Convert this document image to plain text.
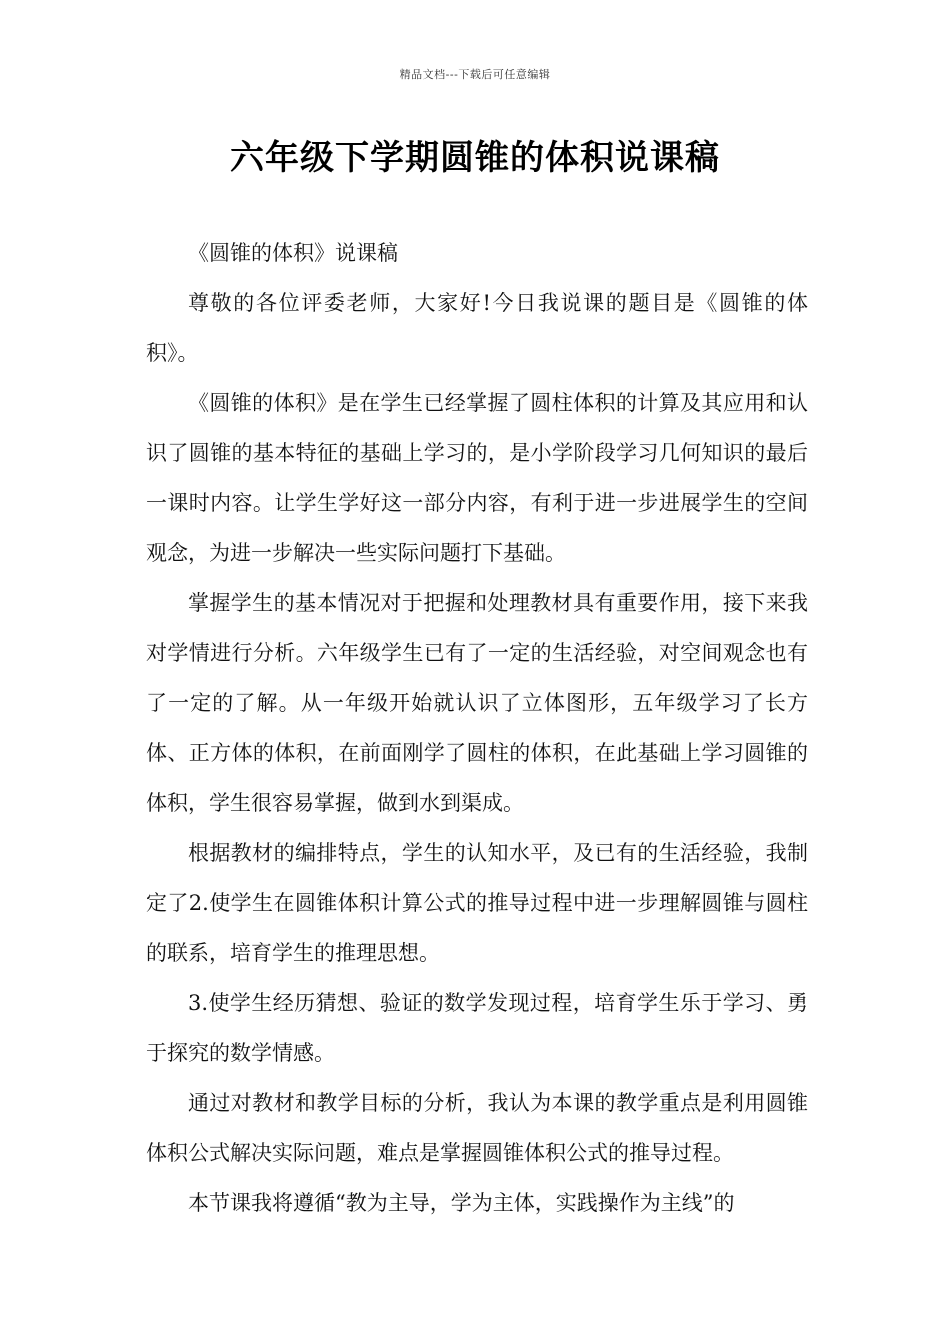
精品文档---下载后可任意编辑
六年级下学期圆锥的体积说课稿

《圆锥的体积》说课稿

尊敬的各位评委老师，大家好!今日我说课的题目是《圆锥的体积》。

《圆锥的体积》是在学生已经掌握了圆柱体积的计算及其应用和认识了圆锥的基本特征的基础上学习的，是小学阶段学习几何知识的最后一课时内容。让学生学好这一部分内容，有利于进一步进展学生的空间观念，为进一步解决一些实际问题打下基础。

掌握学生的基本情况对于把握和处理教材具有重要作用，接下来我对学情进行分析。六年级学生已有了一定的生活经验，对空间观念也有了一定的了解。从一年级开始就认识了立体图形，五年级学习了长方体、正方体的体积，在前面刚学了圆柱的体积，在此基础上学习圆锥的体积，学生很容易掌握，做到水到渠成。

根据教材的编排特点，学生的认知水平，及已有的生活经验，我制定了2.使学生在圆锥体积计算公式的推导过程中进一步理解圆锥与圆柱的联系，培育学生的推理思想。

3.使学生经历猜想、验证的数学发现过程，培育学生乐于学习、勇于探究的数学情感。

通过对教材和教学目标的分析，我认为本课的教学重点是利用圆锥体积公式解决实际问题，难点是掌握圆锥体积公式的推导过程。

本节课我将遵循“教为主导，学为主体，实践操作为主线”的
